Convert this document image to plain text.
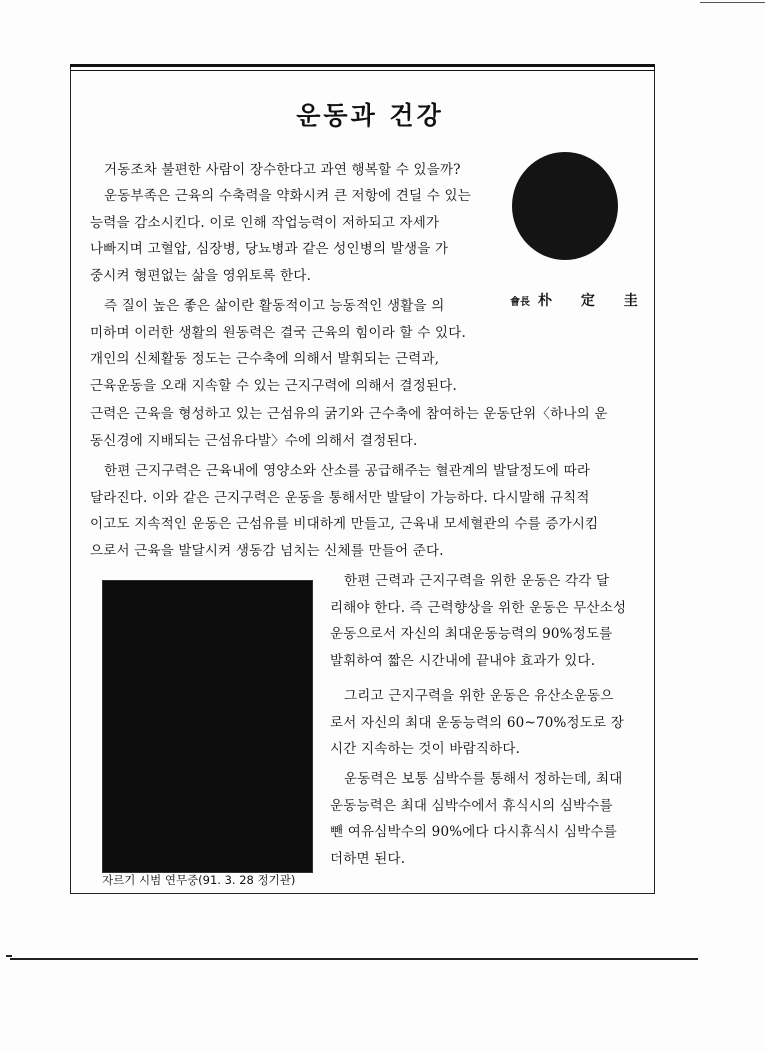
운동과 건강
會長 朴 定 圭
거동조차 불편한 사람이 장수한다고 과연 행복할 수 있을까?
운동부족은 근육의 수축력을 약화시켜 큰 저항에 견딜 수 있는
능력을 감소시킨다. 이로 인해 작업능력이 저하되고 자세가
나빠지며 고혈압, 심장병, 당뇨병과 같은 성인병의 발생을 가
중시켜 형편없는 삶을 영위토록 한다.
즉 질이 높은 좋은 삶이란 활동적이고 능동적인 생활을 의
미하며 이러한 생활의 원동력은 결국 근육의 힘이라 할 수 있다.
개인의 신체활동 정도는 근수축에 의해서 발휘되는 근력과,
근육운동을 오래 지속할 수 있는 근지구력에 의해서 결정된다.
근력은 근육을 형성하고 있는 근섬유의 굵기와 근수축에 참여하는 운동단위〈하나의 운
동신경에 지배되는 근섬유다발〉수에 의해서 결정된다.
한편 근지구력은 근육내에 영양소와 산소를 공급해주는 혈관계의 발달정도에 따라
달라진다. 이와 같은 근지구력은 운동을 통해서만 발달이 가능하다. 다시말해 규칙적
이고도 지속적인 운동은 근섬유를 비대하게 만들고, 근육내 모세혈관의 수를 증가시킴
으로서 근육을 발달시켜 생동감 넘치는 신체를 만들어 준다.
자르기 시범 연무중(91. 3. 28 정기관)
한편 근력과 근지구력을 위한 운동은 각각 달
리해야 한다. 즉 근력향상을 위한 운동은 무산소성
운동으로서 자신의 최대운동능력의 90%정도를
발휘하여 짧은 시간내에 끝내야 효과가 있다.
그리고 근지구력을 위한 운동은 유산소운동으
로서 자신의 최대 운동능력의 60~70%정도로 장
시간 지속하는 것이 바람직하다.
운동력은 보통 심박수를 통해서 정하는데, 최대
운동능력은 최대 심박수에서 휴식시의 심박수를
뺀 여유심박수의 90%에다 다시휴식시 심박수를
더하면 된다.
